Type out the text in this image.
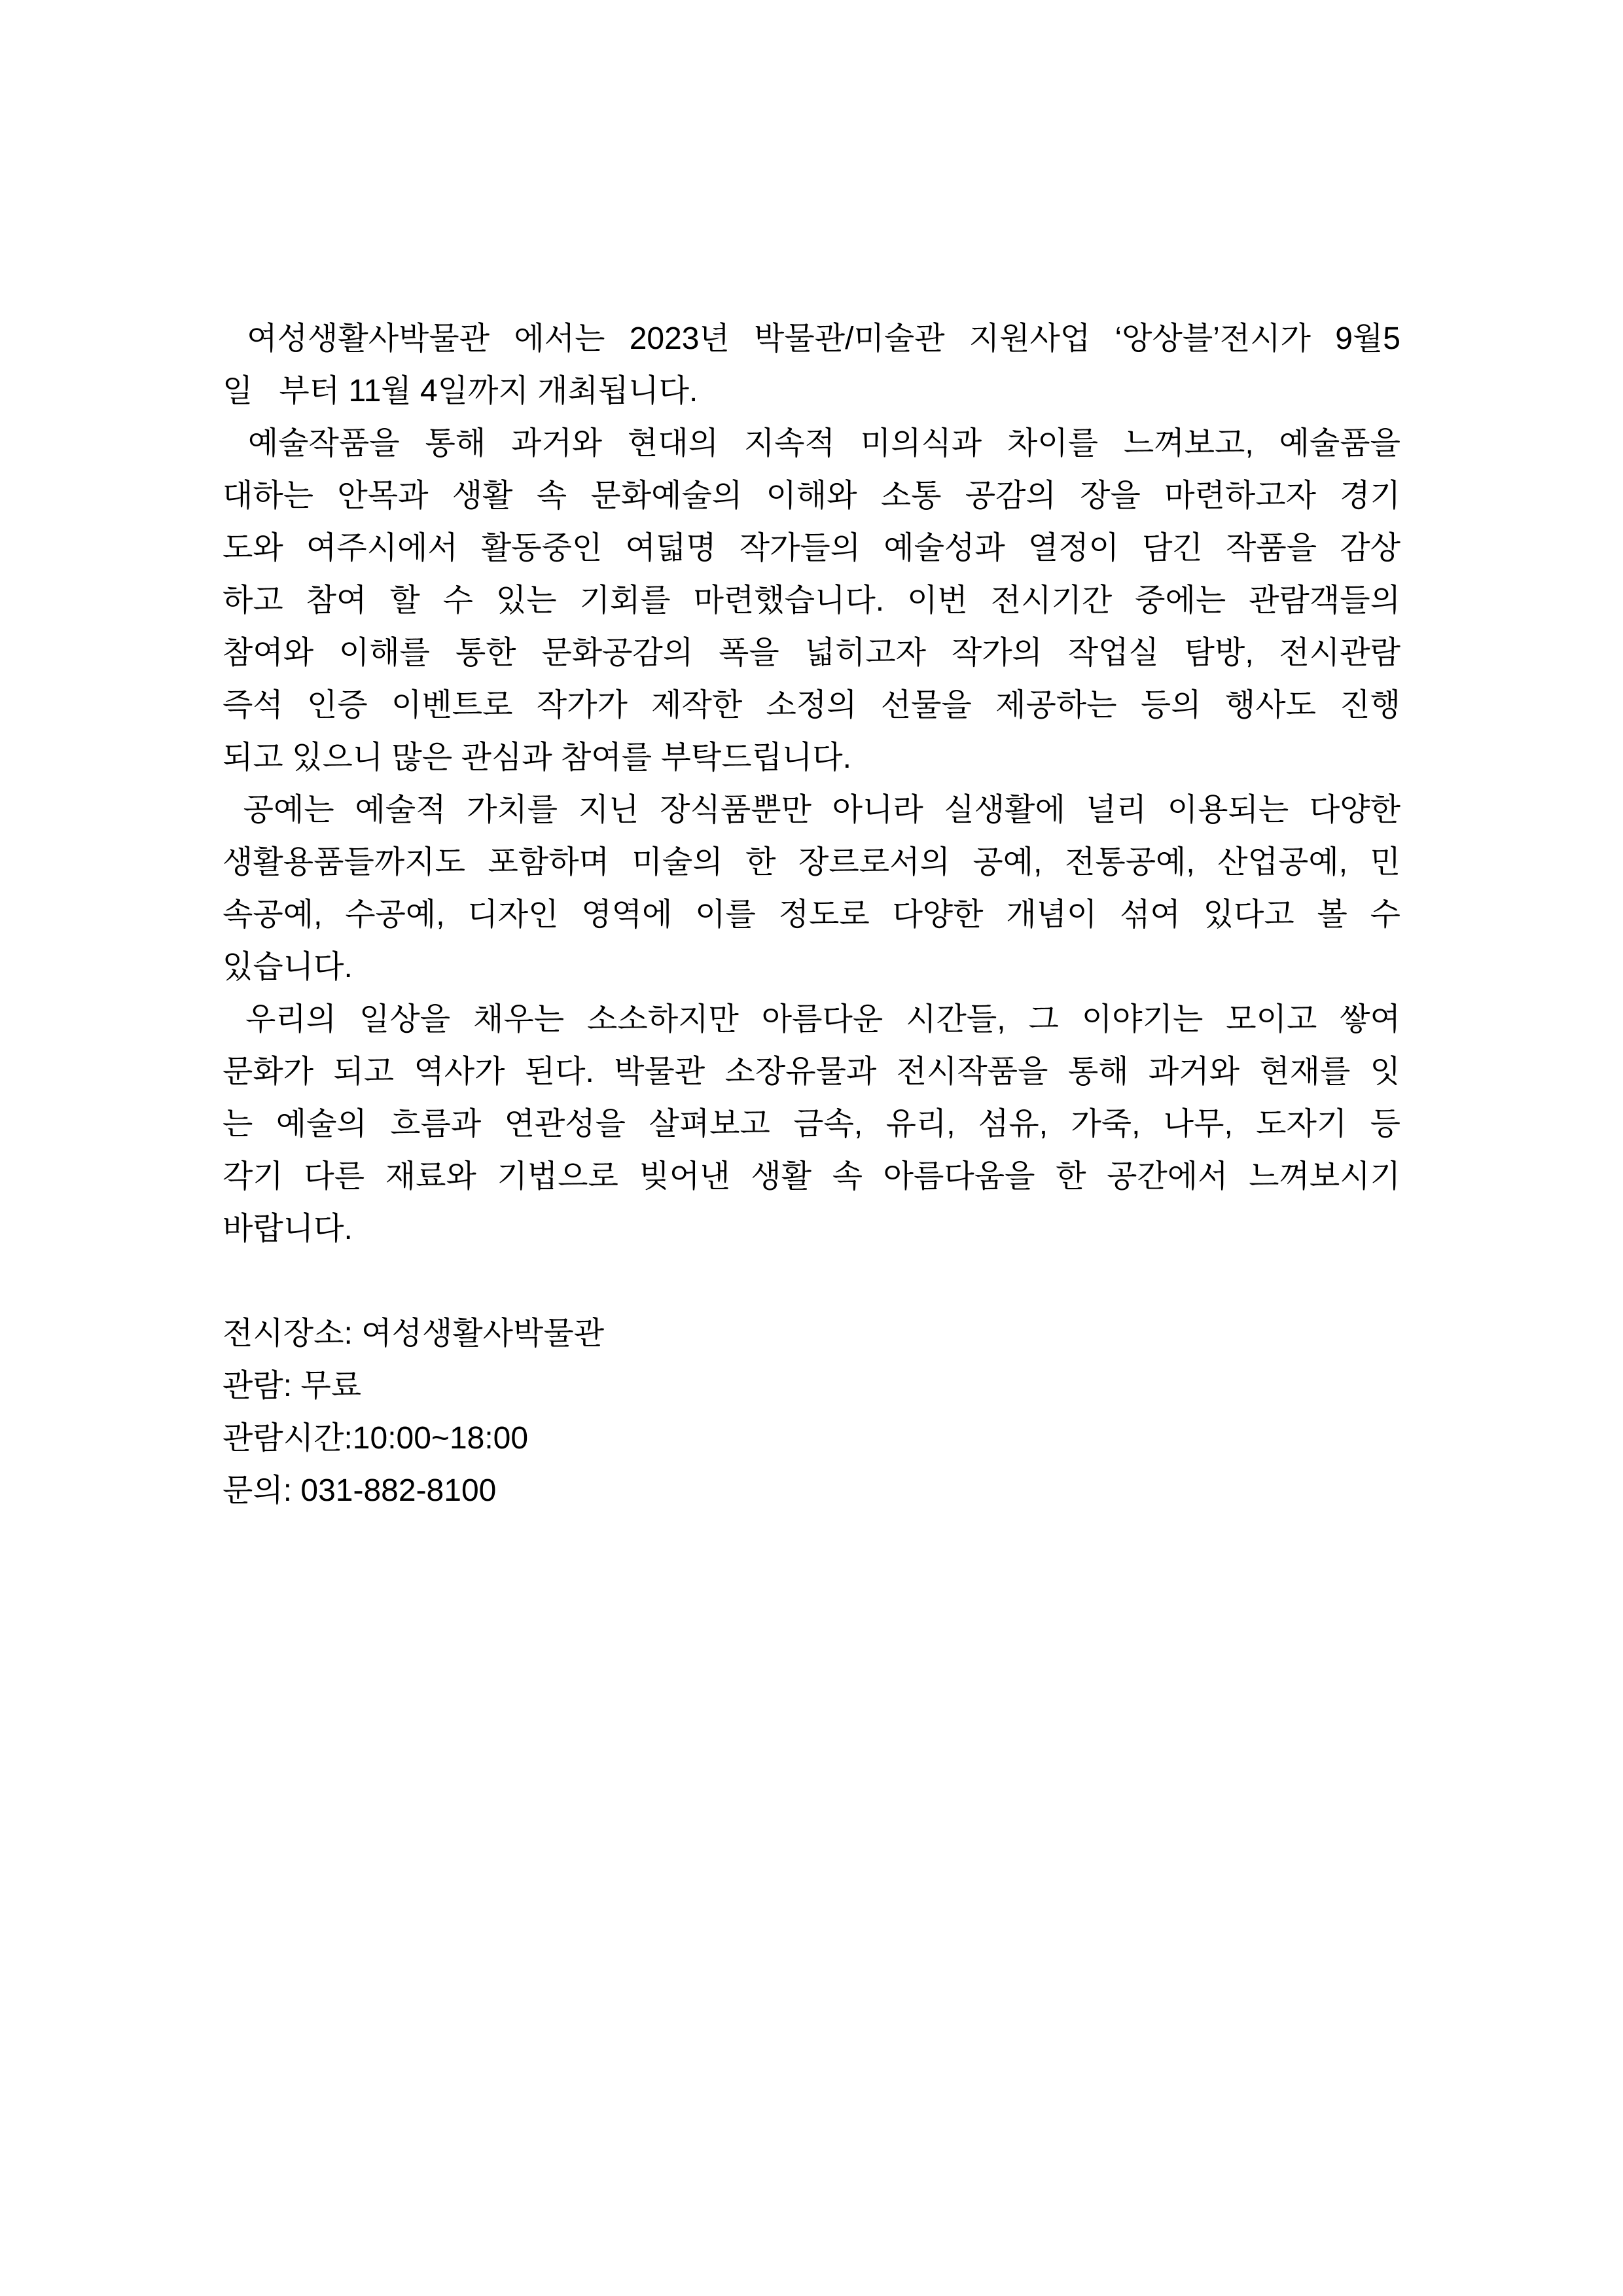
여성생활사박물관 에서는 2023년 박물관/미술관 지원사업 ‘앙상블’전시가 9월5
일   부터 11월 4일까지 개최됩니다.
예술작품을 통해 과거와 현대의 지속적 미의식과 차이를 느껴보고, 예술품을
대하는 안목과 생활 속 문화예술의 이해와 소통 공감의 장을 마련하고자 경기
도와 여주시에서 활동중인 여덟명 작가들의 예술성과 열정이 담긴 작품을 감상
하고 참여 할 수 있는 기회를 마련했습니다. 이번 전시기간 중에는 관람객들의
참여와 이해를 통한 문화공감의 폭을 넓히고자 작가의 작업실 탐방, 전시관람
즉석 인증 이벤트로 작가가 제작한 소정의 선물을 제공하는 등의 행사도 진행
되고 있으니 많은 관심과 참여를 부탁드립니다.
공예는 예술적 가치를 지닌 장식품뿐만 아니라 실생활에 널리 이용되는 다양한
생활용품들까지도 포함하며 미술의 한 장르로서의 공예, 전통공예, 산업공예, 민
속공예, 수공예, 디자인 영역에 이를 정도로 다양한 개념이 섞여 있다고 볼 수
있습니다.
우리의 일상을 채우는 소소하지만 아름다운 시간들, 그 이야기는 모이고 쌓여
문화가 되고 역사가 된다. 박물관 소장유물과 전시작품을 통해 과거와 현재를 잇
는 예술의 흐름과 연관성을 살펴보고 금속, 유리, 섬유, 가죽, 나무, 도자기 등
각기 다른 재료와 기법으로 빚어낸 생활 속 아름다움을 한 공간에서 느껴보시기
바랍니다.
전시장소: 여성생활사박물관
관람: 무료
관람시간:10:00~18:00
문의: 031-882-8100
